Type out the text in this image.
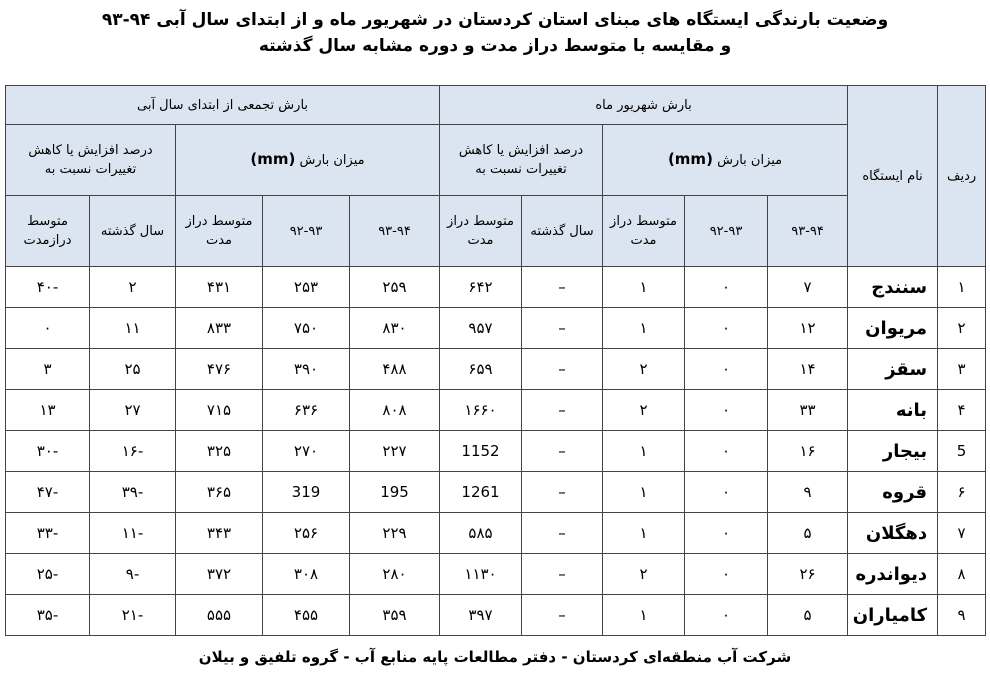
وضعیت بارندگی ایستگاه های مبنای استان کردستان در شهریور ماه و از ابتدای سال آبی ۹۴-۹۳
و مقایسه با متوسط دراز مدت و دوره مشابه سال گذشته
بارش تجمعی از ابتدای سال آبی					بارش شهریور ماه					نام ایستگاه	ردیف
درصد افزایش یا کاهش تغییرات نسبت به		میزان بارش (mm)			درصد افزایش یا کاهش تغییرات نسبت به		میزان بارش (mm)				
متوسط درازمدت	سال گذشته	متوسط دراز مدت	۹۲-۹۳	۹۳-۹۴	متوسط دراز مدت	سال گذشته	متوسط دراز مدت	۹۲-۹۳	۹۳-۹۴		
-۴۰	۲	۴۳۱	۲۵۳	۲۵۹	۶۴۲	–	۱	۰	۷	سنندج	۱
۰	۱۱	۸۳۳	۷۵۰	۸۳۰	۹۵۷	–	۱	۰	۱۲	مریوان	۲
۳	۲۵	۴۷۶	۳۹۰	۴۸۸	۶۵۹	–	۲	۰	۱۴	سقز	۳
۱۳	۲۷	۷۱۵	۶۳۶	۸۰۸	۱۶۶۰	–	۲	۰	۳۳	بانه	۴
-۳۰	-۱۶	۳۲۵	۲۷۰	۲۲۷	1152	–	۱	۰	۱۶	بیجار	5
-۴۷	-۳۹	۳۶۵	319	195	1261	–	۱	۰	۹	قروه	۶
-۳۳	-۱۱	۳۴۳	۲۵۶	۲۲۹	۵۸۵	–	۱	۰	۵	دهگلان	۷
-۲۵	-۹	۳۷۲	۳۰۸	۲۸۰	۱۱۳۰	–	۲	۰	۲۶	دیواندره	۸
-۳۵	-۲۱	۵۵۵	۴۵۵	۳۵۹	۳۹۷	–	۱	۰	۵	کامیاران	۹
شرکت آب منطقه‌ای کردستان - دفتر مطالعات پایه منابع آب - گروه تلفیق و بیلان
